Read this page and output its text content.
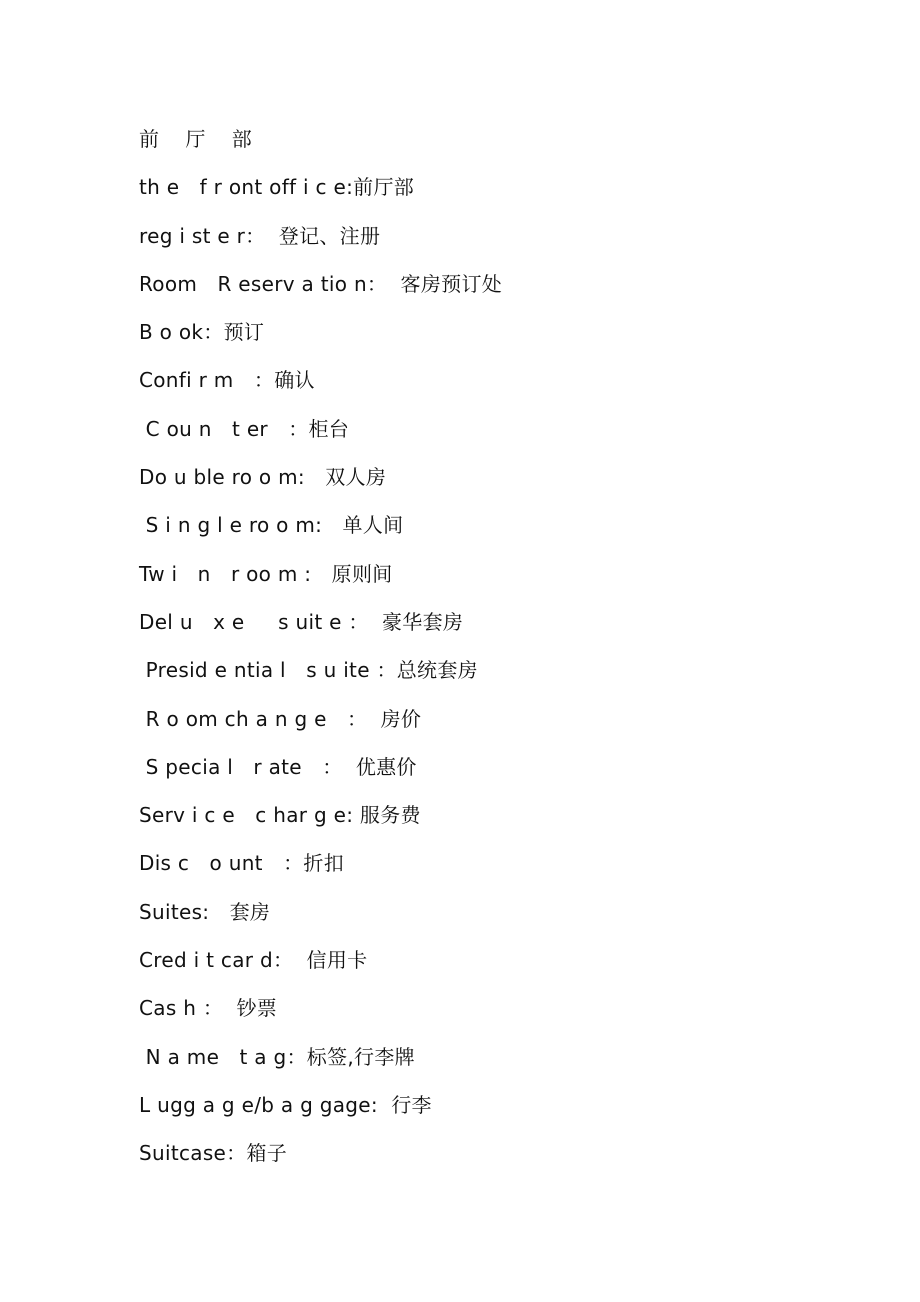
前　 厅　 部
th e　f r ont off i c e:前厅部
reg i st e r：  登记、注册
Room　R eserv a tio n：  客房预订处
B o ok：预订
Confi r m　：确认
C ou n　t er　：柜台
Do u ble ro o m:　双人房
S i n g l e ro o m:　单人间
Tw i　n　r oo m :　原则间
Del u　x e　  s uit e ：  豪华套房
Presid e ntia l　s u ite ：总统套房
R o om ch a n g e　：  房价
S pecia l　r ate　：  优惠价
Serv i c e　c har g e: 服务费
Dis c　o unt　：折扣
Suites:　套房
Cred i t car d：  信用卡
Cas h ：  钞票
N a me　t a g：标签,行李牌
L ugg a g e/b a g gage:  行李
Suitcase：箱子
